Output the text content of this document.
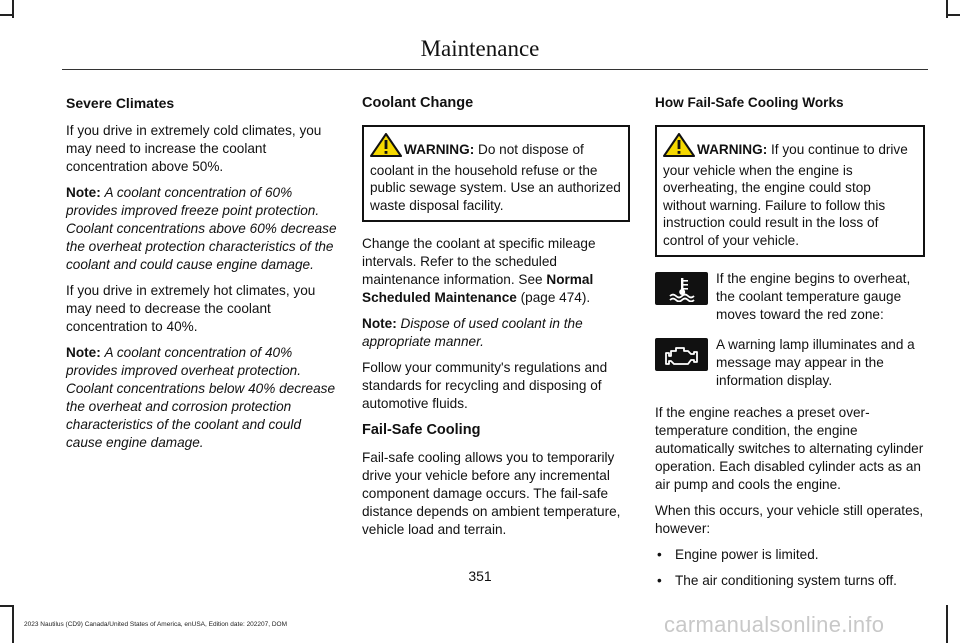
Maintenance
Severe Climates

If you drive in extremely cold climates, you may need to increase the coolant concentration above 50%.

Note: A coolant concentration of 60% provides improved freeze point protection. Coolant concentrations above 60% decrease the overheat protection characteristics of the coolant and could cause engine damage.

If you drive in extremely hot climates, you may need to decrease the coolant concentration to 40%.

Note: A coolant concentration of 40% provides improved overheat protection. Coolant concentrations below 40% decrease the overheat and corrosion protection characteristics of the coolant and could cause engine damage.

Coolant Change
WARNING: Do not dispose of coolant in the household refuse or the public sewage system. Use an authorized waste disposal facility.

Change the coolant at specific mileage intervals. Refer to the scheduled maintenance information. See Normal Scheduled Maintenance (page 474).

Note: Dispose of used coolant in the appropriate manner.

Follow your community's regulations and standards for recycling and disposing of automotive fluids.

Fail-Safe Cooling

Fail-safe cooling allows you to temporarily drive your vehicle before any incremental component damage occurs. The fail-safe distance depends on ambient temperature, vehicle load and terrain.

How Fail-Safe Cooling Works
WARNING: If you continue to drive your vehicle when the engine is overheating, the engine could stop without warning. Failure to follow this instruction could result in the loss of control of your vehicle.
If the engine begins to overheat, the coolant temperature gauge moves toward the red zone:
A warning lamp illuminates and a message may appear in the information display.

If the engine reaches a preset over-temperature condition, the engine automatically switches to alternating cylinder operation. Each disabled cylinder acts as an air pump and cools the engine.

When this occurs, your vehicle still operates, however:

• Engine power is limited.
• The air conditioning system turns off.
351
2023 Nautilus (CD9) Canada/United States of America, enUSA, Edition date: 202207, DOM	carmanualsonline.info
